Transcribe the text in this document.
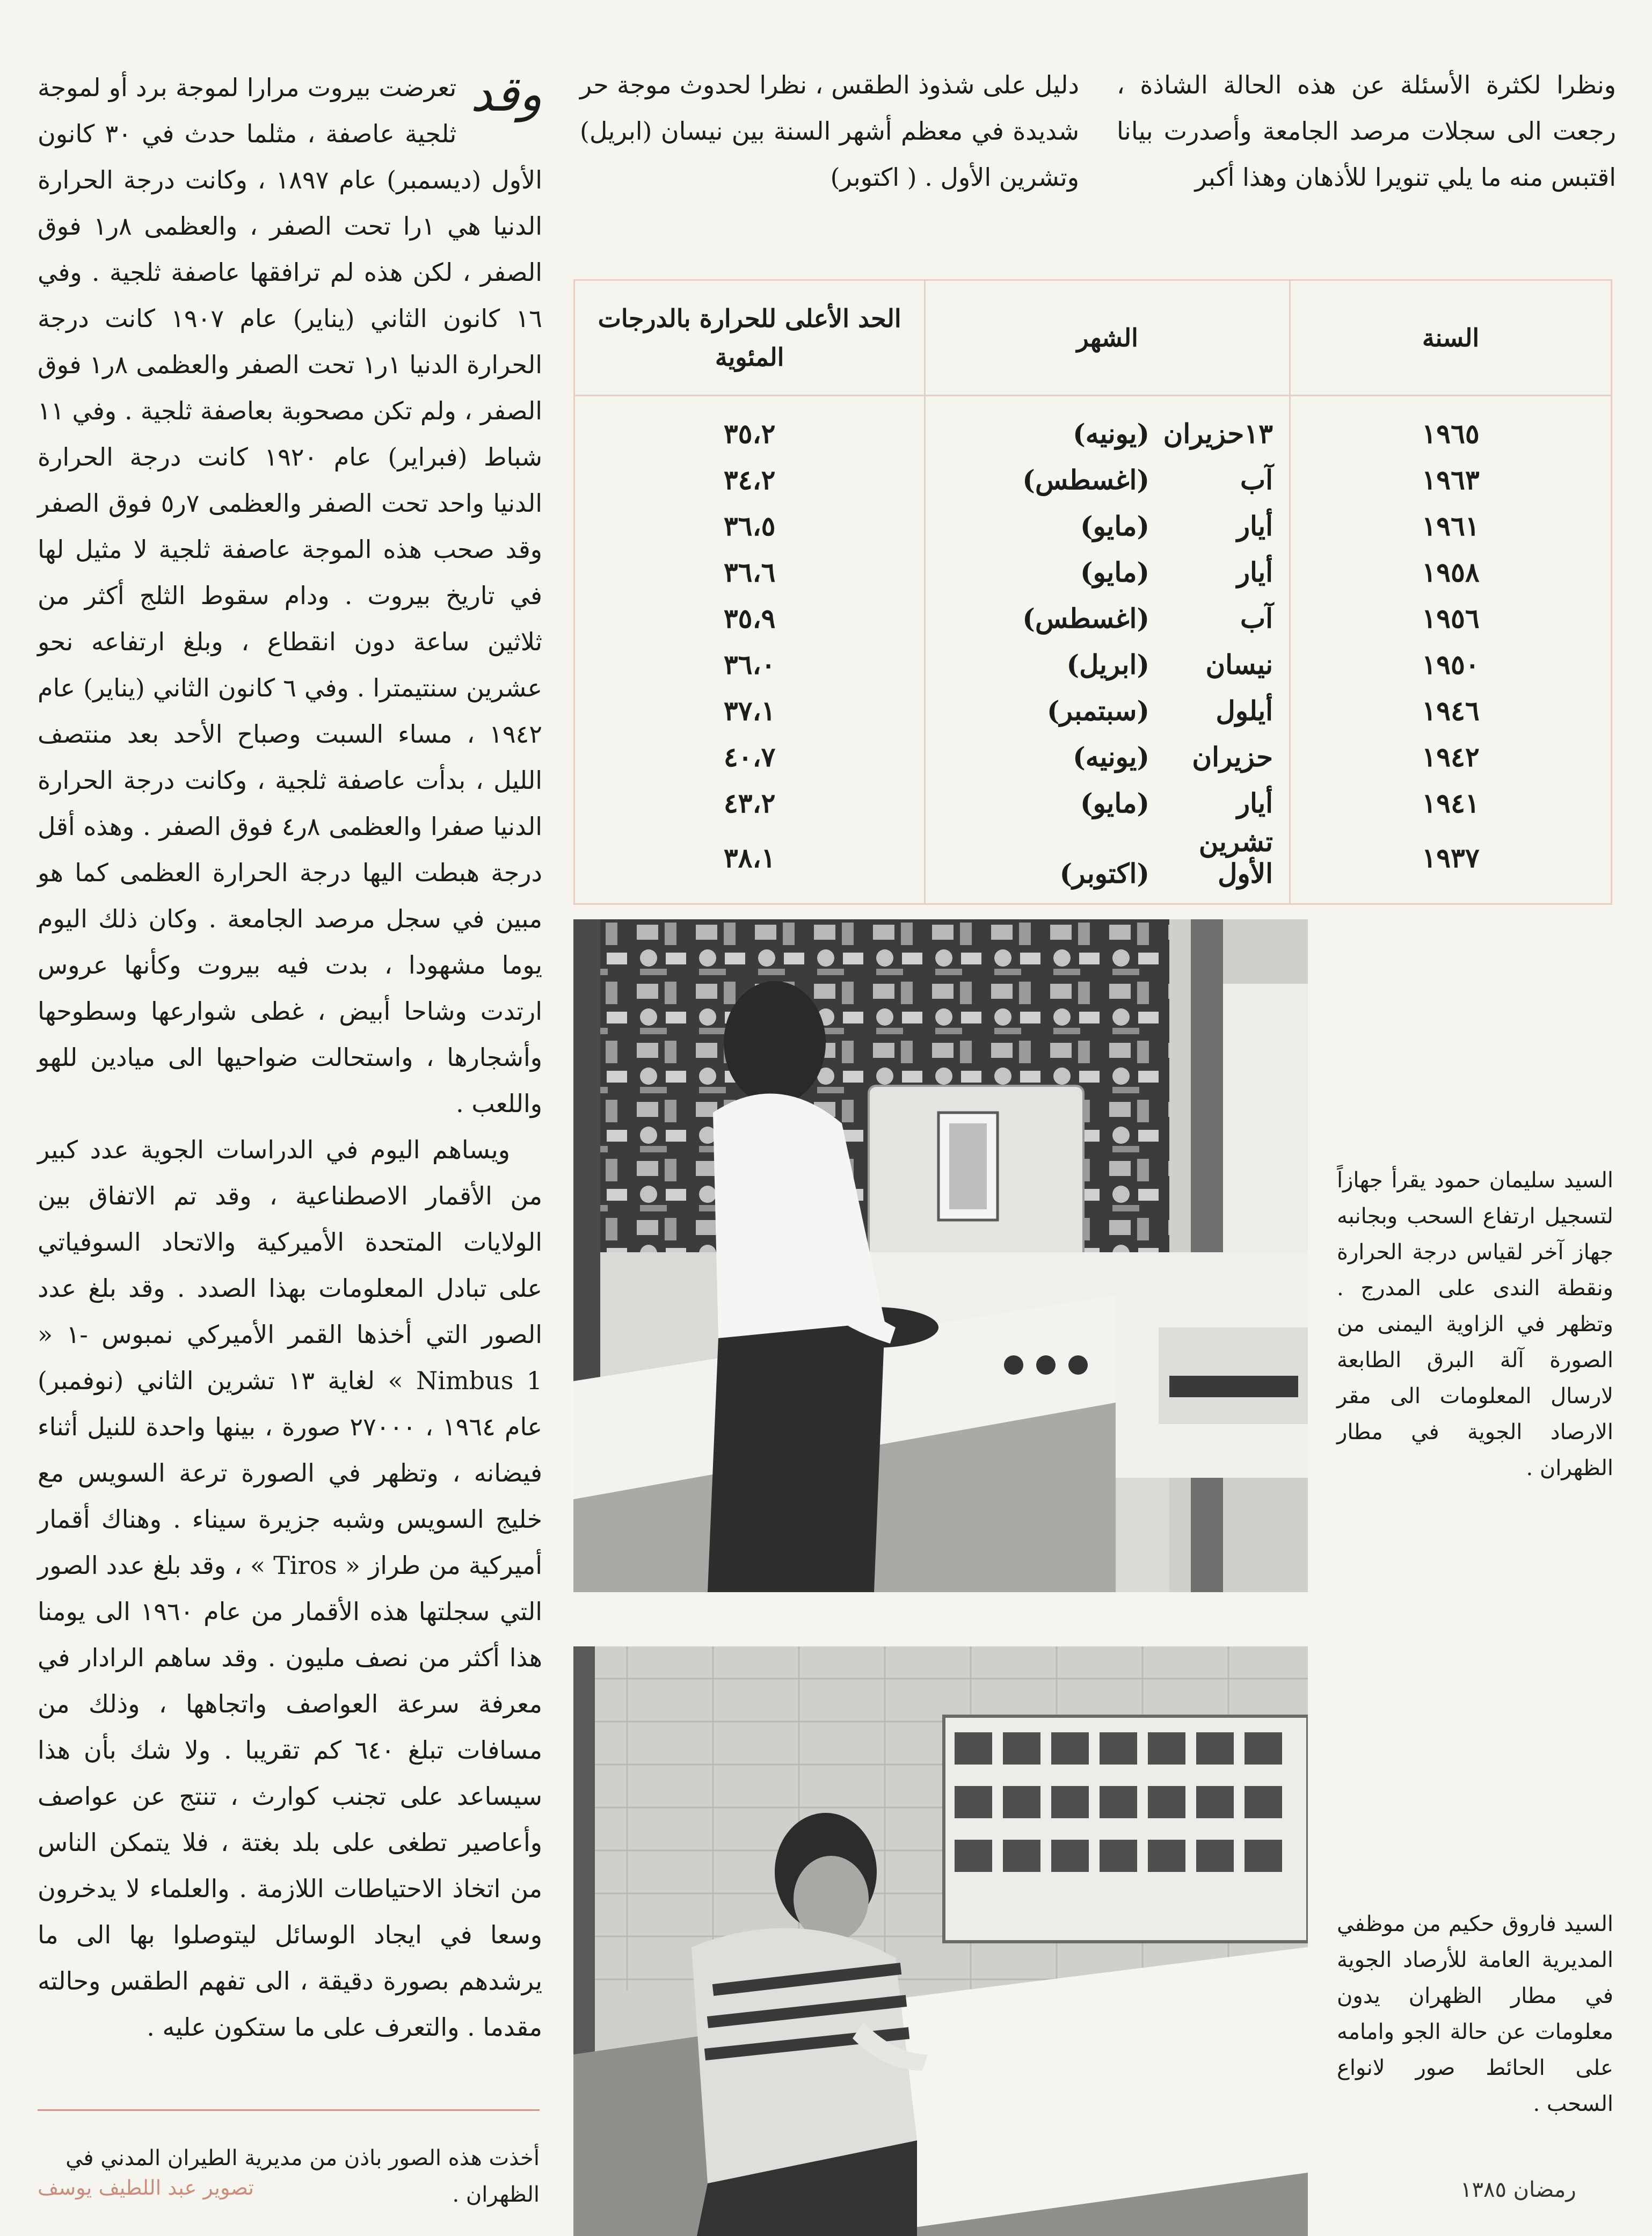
ونظرا لكثرة الأسئلة عن هذه الحالة الشاذة ، رجعت الى سجلات مرصد الجامعة وأصدرت بيانا اقتبس منه ما يلي تنويرا للأذهان وهذا أكبر

دليل على شذوذ الطقس ، نظرا لحدوث موجة حر شديدة في معظم أشهر السنة بين نيسان (ابريل) وتشرين الأول . ( اكتوبر)

السنة	الشهر	الحد الأعلى للحرارة بالدرجات المئوية
١٩٦٥	١٣حزيران(يونيه)	٣٥،٢
١٩٦٣	آب(اغسطس)	٣٤،٢
١٩٦١	أيار(مايو)	٣٦،٥
١٩٥٨	أيار(مايو)	٣٦،٦
١٩٥٦	آب(اغسطس)	٣٥،٩
١٩٥٠	نيسان(ابريل)	٣٦،٠
١٩٤٦	أيلول(سبتمبر)	٣٧،١
١٩٤٢	حزيران(يونيه)	٤٠،٧
١٩٤١	أيار(مايو)	٤٣،٢
١٩٣٧	تشرين الأول(اكتوبر)	٣٨،١

وقد
تعرضت بيروت مرارا لموجة برد أو لموجة ثلجية عاصفة ، مثلما حدث في ٣٠ كانون الأول (ديسمبر) عام ١٨٩٧ ، وكانت درجة الحرارة الدنيا هي ١را تحت الصفر ، والعظمى ٨ر١ فوق الصفر ، لكن هذه لم ترافقها عاصفة ثلجية . وفي ١٦ كانون الثاني (يناير) عام ١٩٠٧ كانت درجة الحرارة الدنيا ١ر١ تحت الصفر والعظمى ٨ر١ فوق الصفر ، ولم تكن مصحوبة بعاصفة ثلجية . وفي ١١ شباط (فبراير) عام ١٩٢٠ كانت درجة الحرارة الدنيا واحد تحت الصفر والعظمى ٧ر٥ فوق الصفر وقد صحب هذه الموجة عاصفة ثلجية لا مثيل لها في تاريخ بيروت . ودام سقوط الثلج أكثر من ثلاثين ساعة دون انقطاع ، وبلغ ارتفاعه نحو عشرين سنتيمترا . وفي ٦ كانون الثاني (يناير) عام ١٩٤٢ ، مساء السبت وصباح الأحد بعد منتصف الليل ، بدأت عاصفة ثلجية ، وكانت درجة الحرارة الدنيا صفرا والعظمى ٨ر٤ فوق الصفر . وهذه أقل درجة هبطت اليها درجة الحرارة العظمى كما هو مبين في سجل مرصد الجامعة . وكان ذلك اليوم يوما مشهودا ، بدت فيه بيروت وكأنها عروس ارتدت وشاحا أبيض ، غطى شوارعها وسطوحها وأشجارها ، واستحالت ضواحيها الى ميادين للهو واللعب .

ويساهم اليوم في الدراسات الجوية عدد كبير من الأقمار الاصطناعية ، وقد تم الاتفاق بين الولايات المتحدة الأميركية والاتحاد السوفياتي على تبادل المعلومات بهذا الصدد . وقد بلغ عدد الصور التي أخذها القمر الأميركي نمبوس -١ « Nimbus 1 » لغاية ١٣ تشرين الثاني (نوفمبر) عام ١٩٦٤ ، ٢٧٠٠٠ صورة ، بينها واحدة للنيل أثناء فيضانه ، وتظهر في الصورة ترعة السويس مع خليج السويس وشبه جزيرة سيناء . وهناك أقمار أميركية من طراز « Tiros » ، وقد بلغ عدد الصور التي سجلتها هذه الأقمار من عام ١٩٦٠ الى يومنا هذا أكثر من نصف مليون . وقد ساهم الرادار في معرفة سرعة العواصف واتجاهها ، وذلك من مسافات تبلغ ٦٤٠ كم تقريبا . ولا شك بأن هذا سيساعد على تجنب كوارث ، تنتج عن عواصف وأعاصير تطغى على بلد بغتة ، فلا يتمكن الناس من اتخاذ الاحتياطات اللازمة . والعلماء لا يدخرون وسعا في ايجاد الوسائل ليتوصلوا بها الى ما يرشدهم بصورة دقيقة ، الى تفهم الطقس وحالته مقدما . والتعرف على ما ستكون عليه .

السيد سليمان حمود يقرأ جهازاً لتسجيل ارتفاع السحب وبجانبه جهاز آخر لقياس درجة الحرارة ونقطة الندى على المدرج . وتظهر في الزاوية اليمنى من الصورة آلة البرق الطابعة لارسال المعلومات الى مقر الارصاد الجوية في مطار الظهران .

السيد فاروق حكيم من موظفي المديرية العامة للأرصاد الجوية في مطار الظهران يدون معلومات عن حالة الجو وامامه على الحائط صور لانواع السحب .

أخذت هذه الصور باذن من مديرية الطيران المدني في الظهران .

تصوير عبد اللطيف يوسف	رمضان ١٣٨٥
